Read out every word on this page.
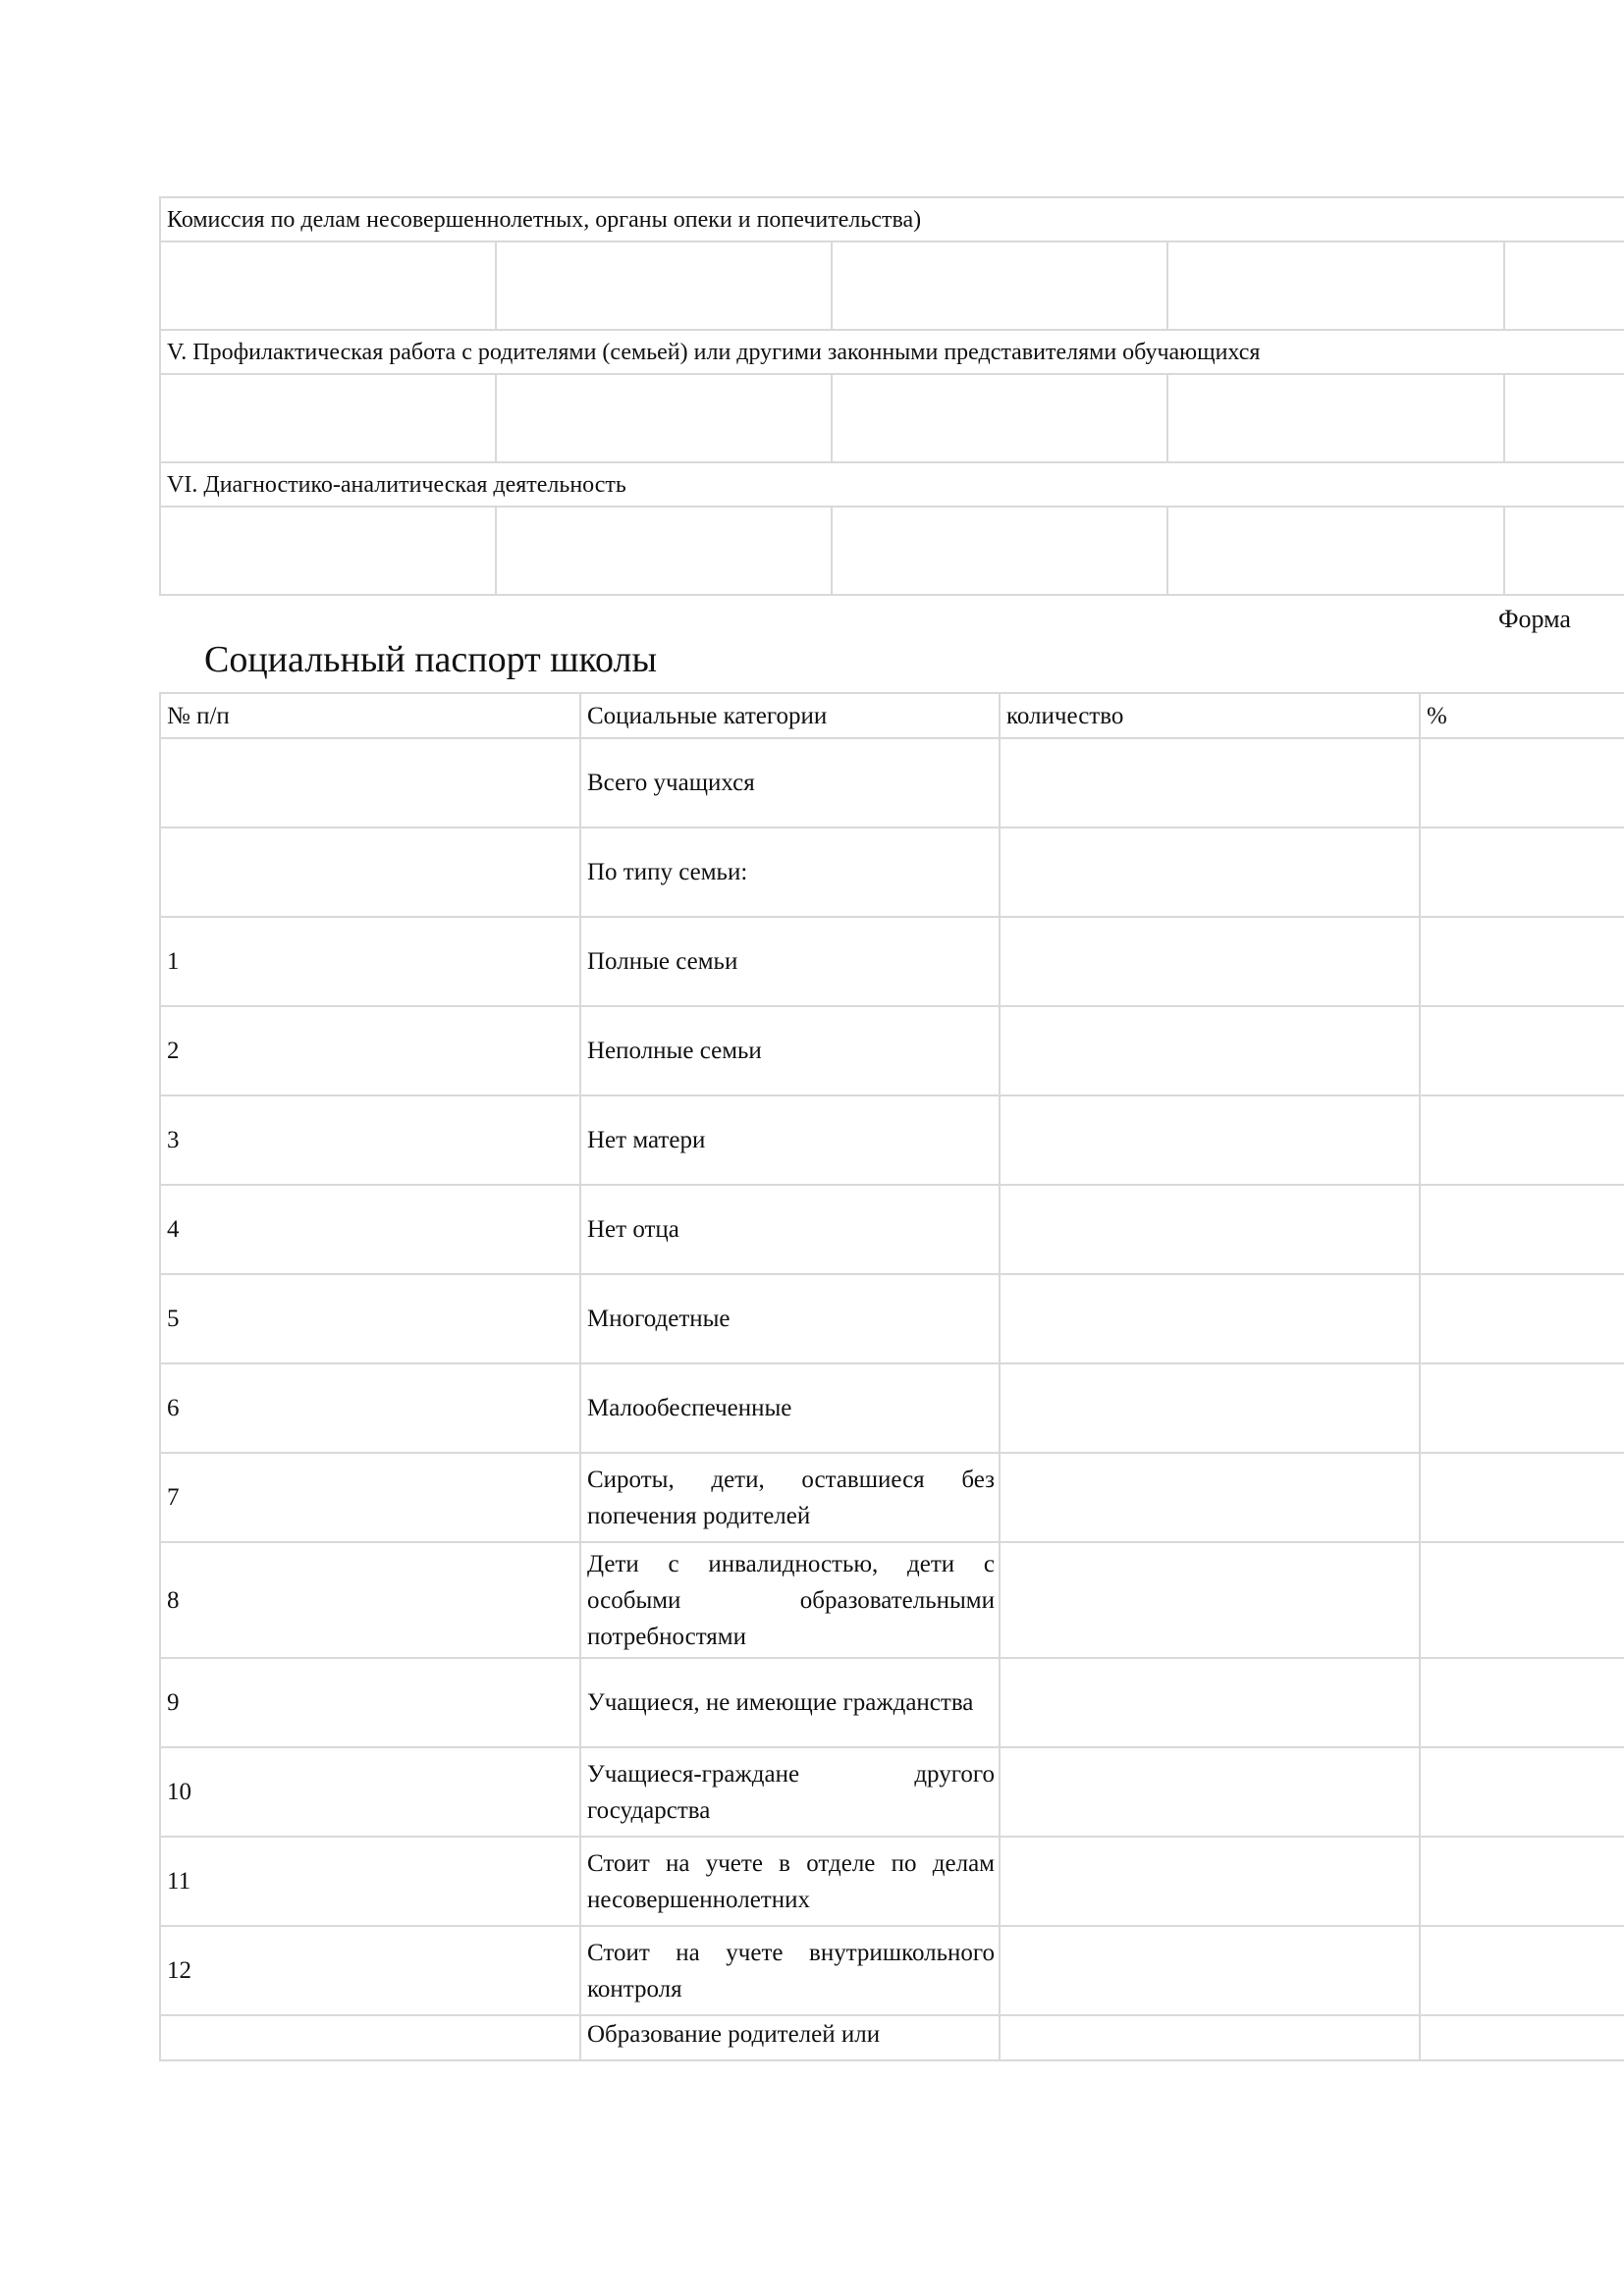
Комиссия по делам несовершеннолетных, органы опеки и попечительства)				

V. Профилактическая работа с родителями (семьей) или другими законными представителями обучающихся				

VI. Диагностико-аналитическая деятельность				

Форма
Социальный паспорт школы
№ п/п	Социальные категории	количество	%
	Всего учащихся		
	По типу семьи:		
1	Полные семьи		
2	Неполные семьи		
3	Нет матери		
4	Нет отца		
5	Многодетные		
6	Малообеспеченные		
7	Сироты, дети, оставшиеся без попечения родителей		
8	Дети с инвалидностью, дети с особыми образовательными потребностями		
9	Учащиеся, не имеющие гражданства		
10	Учащиеся-граждане другого государства		
11	Стоит на учете в отделе по делам несовершеннолетних		
12	Стоит на учете внутришкольного контроля		
	Образование родителей или		
